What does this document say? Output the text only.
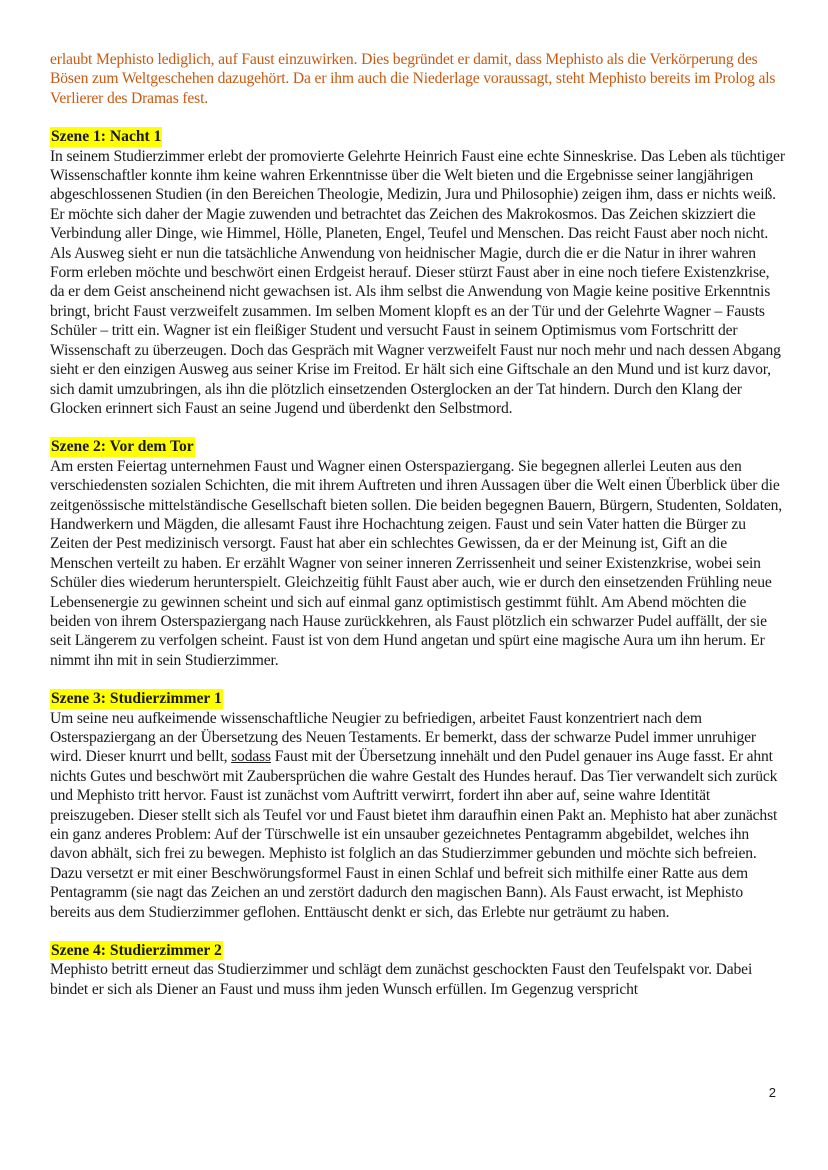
erlaubt Mephisto lediglich, auf Faust einzuwirken. Dies begründet er damit, dass Mephisto als die Verkörperung des Bösen zum Weltgeschehen dazugehört. Da er ihm auch die Niederlage voraussagt, steht Mephisto bereits im Prolog als Verlierer des Dramas fest.

Szene 1: Nacht 1

In seinem Studierzimmer erlebt der promovierte Gelehrte Heinrich Faust eine echte Sinneskrise. Das Leben als tüchtiger Wissenschaftler konnte ihm keine wahren Erkenntnisse über die Welt bieten und die Ergebnisse seiner langjährigen abgeschlossenen Studien (in den Bereichen Theologie, Medizin, Jura und Philosophie) zeigen ihm, dass er nichts weiß. Er möchte sich daher der Magie zuwenden und betrachtet das Zeichen des Makrokosmos. Das Zeichen skizziert die Verbindung aller Dinge, wie Himmel, Hölle, Planeten, Engel, Teufel und Menschen. Das reicht Faust aber noch nicht. Als Ausweg sieht er nun die tatsächliche Anwendung von heidnischer Magie, durch die er die Natur in ihrer wahren Form erleben möchte und beschwört einen Erdgeist herauf. Dieser stürzt Faust aber in eine noch tiefere Existenzkrise, da er dem Geist anscheinend nicht gewachsen ist. Als ihm selbst die Anwendung von Magie keine positive Erkenntnis bringt, bricht Faust verzweifelt zusammen. Im selben Moment klopft es an der Tür und der Gelehrte Wagner – Fausts Schüler – tritt ein. Wagner ist ein fleißiger Student und versucht Faust in seinem Optimismus vom Fortschritt der Wissenschaft zu überzeugen. Doch das Gespräch mit Wagner verzweifelt Faust nur noch mehr und nach dessen Abgang sieht er den einzigen Ausweg aus seiner Krise im Freitod. Er hält sich eine Giftschale an den Mund und ist kurz davor, sich damit umzubringen, als ihn die plötzlich einsetzenden Osterglocken an der Tat hindern. Durch den Klang der Glocken erinnert sich Faust an seine Jugend und überdenkt den Selbstmord.

Szene 2: Vor dem Tor

Am ersten Feiertag unternehmen Faust und Wagner einen Osterspaziergang. Sie begegnen allerlei Leuten aus den verschiedensten sozialen Schichten, die mit ihrem Auftreten und ihren Aussagen über die Welt einen Überblick über die zeitgenössische mittelständische Gesellschaft bieten sollen. Die beiden begegnen Bauern, Bürgern, Studenten, Soldaten, Handwerkern und Mägden, die allesamt Faust ihre Hochachtung zeigen. Faust und sein Vater hatten die Bürger zu Zeiten der Pest medizinisch versorgt. Faust hat aber ein schlechtes Gewissen, da er der Meinung ist, Gift an die Menschen verteilt zu haben. Er erzählt Wagner von seiner inneren Zerrissenheit und seiner Existenzkrise, wobei sein Schüler dies wiederum herunterspielt. Gleichzeitig fühlt Faust aber auch, wie er durch den einsetzenden Frühling neue Lebensenergie zu gewinnen scheint und sich auf einmal ganz optimistisch gestimmt fühlt. Am Abend möchten die beiden von ihrem Osterspaziergang nach Hause zurückkehren, als Faust plötzlich ein schwarzer Pudel auffällt, der sie seit Längerem zu verfolgen scheint. Faust ist von dem Hund angetan und spürt eine magische Aura um ihn herum. Er nimmt ihn mit in sein Studierzimmer.

Szene 3: Studierzimmer 1

Um seine neu aufkeimende wissenschaftliche Neugier zu befriedigen, arbeitet Faust konzentriert nach dem Osterspaziergang an der Übersetzung des Neuen Testaments. Er bemerkt, dass der schwarze Pudel immer unruhiger wird. Dieser knurrt und bellt, sodass Faust mit der Übersetzung innehält und den Pudel genauer ins Auge fasst. Er ahnt nichts Gutes und beschwört mit Zaubersprüchen die wahre Gestalt des Hundes herauf. Das Tier verwandelt sich zurück und Mephisto tritt hervor. Faust ist zunächst vom Auftritt verwirrt, fordert ihn aber auf, seine wahre Identität preiszugeben. Dieser stellt sich als Teufel vor und Faust bietet ihm daraufhin einen Pakt an. Mephisto hat aber zunächst ein ganz anderes Problem: Auf der Türschwelle ist ein unsauber gezeichnetes Pentagramm abgebildet, welches ihn davon abhält, sich frei zu bewegen. Mephisto ist folglich an das Studierzimmer gebunden und möchte sich befreien. Dazu versetzt er mit einer Beschwörungsformel Faust in einen Schlaf und befreit sich mithilfe einer Ratte aus dem Pentagramm (sie nagt das Zeichen an und zerstört dadurch den magischen Bann). Als Faust erwacht, ist Mephisto bereits aus dem Studierzimmer geflohen. Enttäuscht denkt er sich, das Erlebte nur geträumt zu haben.

Szene 4: Studierzimmer 2

Mephisto betritt erneut das Studierzimmer und schlägt dem zunächst geschockten Faust den Teufelspakt vor. Dabei bindet er sich als Diener an Faust und muss ihm jeden Wunsch erfüllen. Im Gegenzug verspricht

2
